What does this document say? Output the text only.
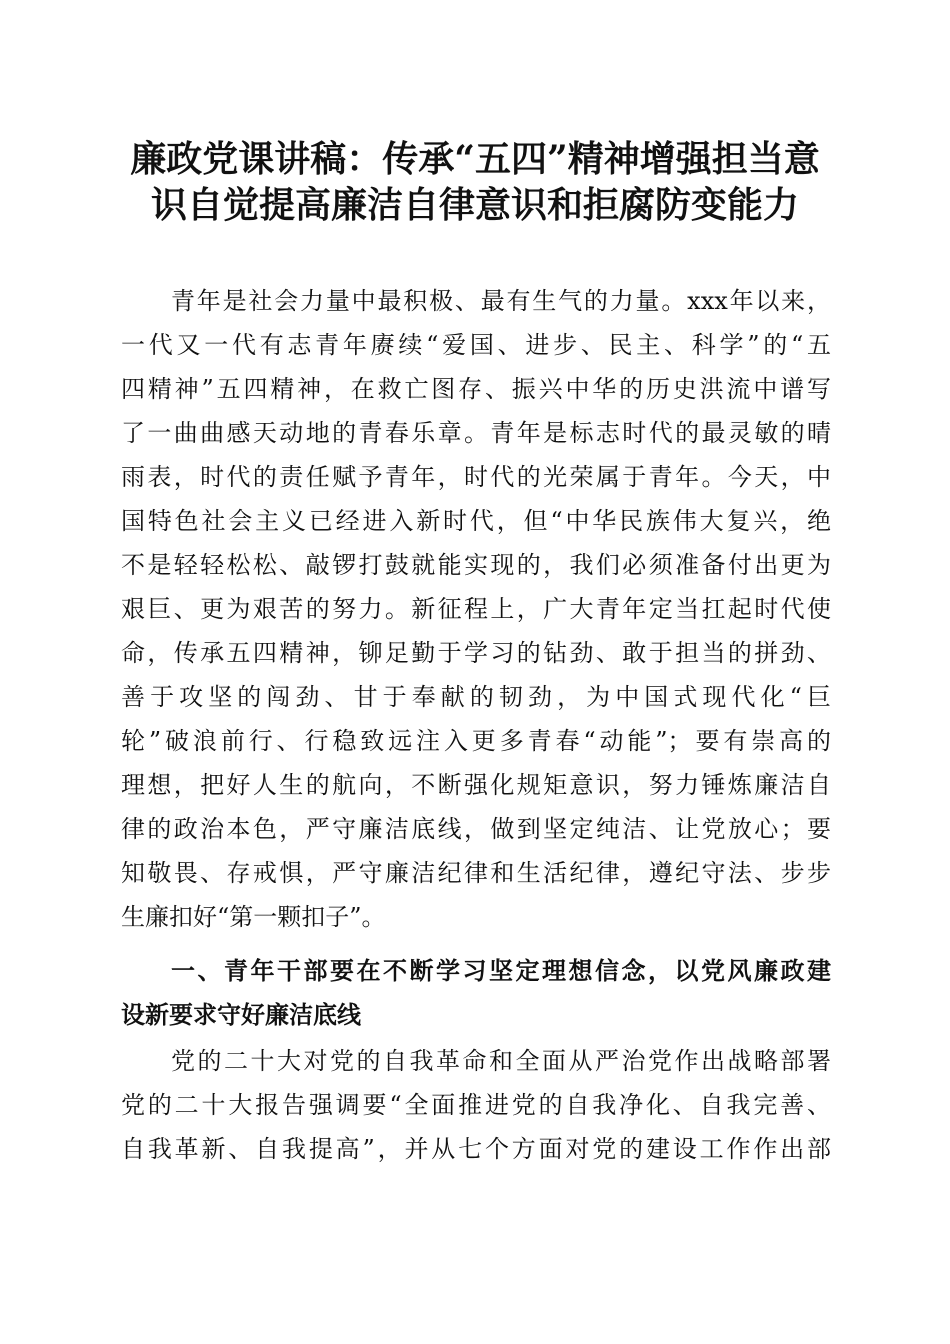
廉政党课讲稿：传承“五四”精神增强担当意
识自觉提高廉洁自律意识和拒腐防变能力
青年是社会力量中最积极、最有生气的力量。xxx年以来，
一代又一代有志青年赓续“爱国、进步、民主、科学”的“五
四精神”五四精神，在救亡图存、振兴中华的历史洪流中谱写
了一曲曲感天动地的青春乐章。青年是标志时代的最灵敏的晴
雨表，时代的责任赋予青年，时代的光荣属于青年。今天，中
国特色社会主义已经进入新时代，但“中华民族伟大复兴，绝
不是轻轻松松、敲锣打鼓就能实现的，我们必须准备付出更为
艰巨、更为艰苦的努力。新征程上，广大青年定当扛起时代使
命，传承五四精神，铆足勤于学习的钻劲、敢于担当的拼劲、
善于攻坚的闯劲、甘于奉献的韧劲，为中国式现代化“巨
轮”破浪前行、行稳致远注入更多青春“动能”；要有崇高的
理想，把好人生的航向，不断强化规矩意识，努力锤炼廉洁自
律的政治本色，严守廉洁底线，做到坚定纯洁、让党放心；要
知敬畏、存戒惧，严守廉洁纪律和生活纪律，遵纪守法、步步
生廉扣好“第一颗扣子”。
一、青年干部要在不断学习坚定理想信念，以党风廉政建
设新要求守好廉洁底线
党的二十大对党的自我革命和全面从严治党作出战略部署
党的二十大报告强调要“全面推进党的自我净化、自我完善、
自我革新、自我提高”，并从七个方面对党的建设工作作出部
